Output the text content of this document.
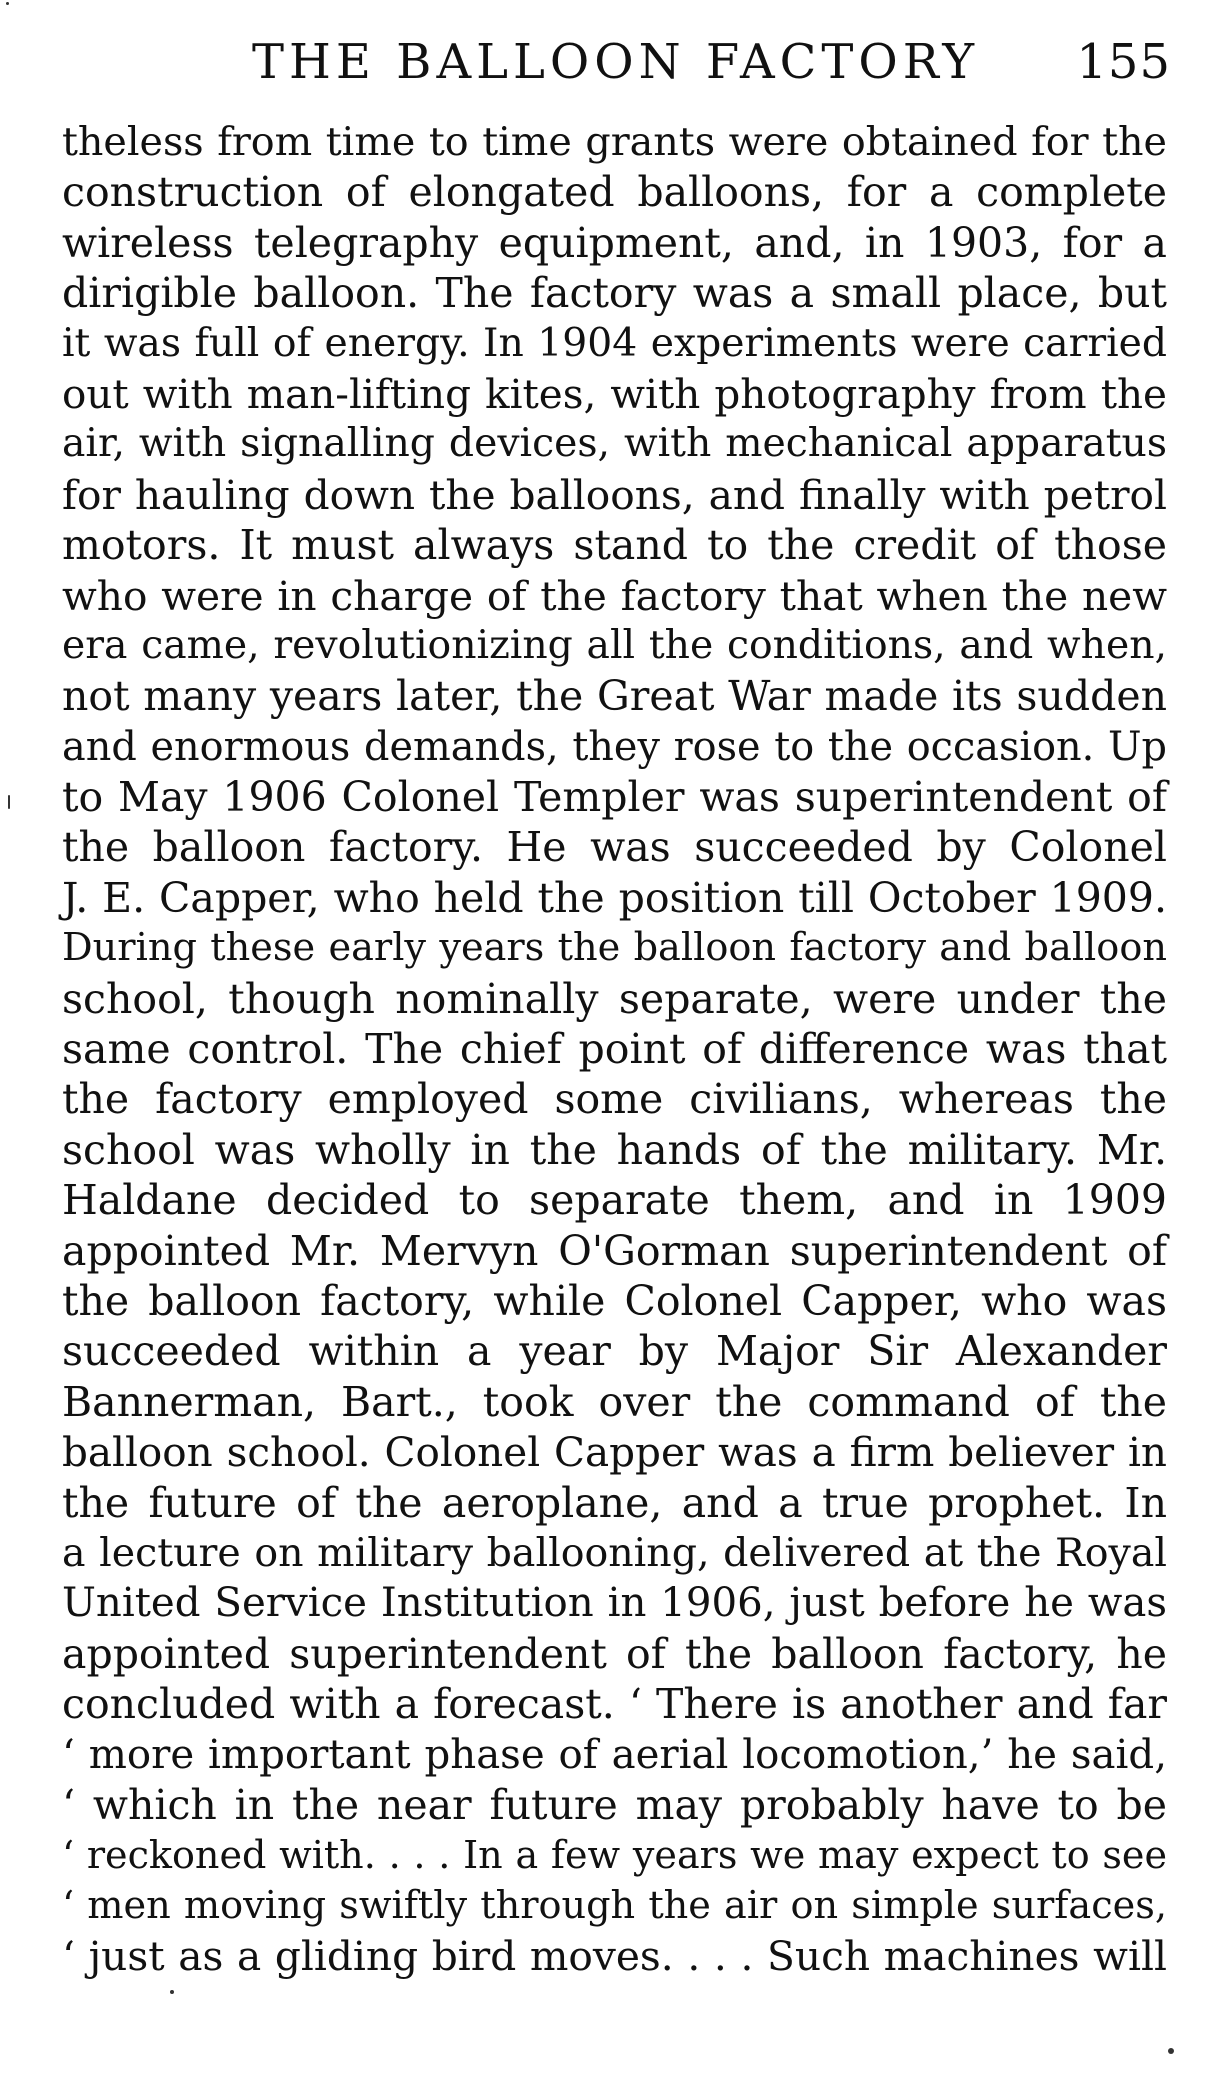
THE BALLOON FACTORY 155
theless from time to time grants were obtained for the
construction of elongated balloons, for a complete
wireless telegraphy equipment, and, in 1903, for a
dirigible balloon. The factory was a small place, but
it was full of energy. In 1904 experiments were carried
out with man-lifting kites, with photography from the
air, with signalling devices, with mechanical apparatus
for hauling down the balloons, and finally with petrol
motors. It must always stand to the credit of those
who were in charge of the factory that when the new
era came, revolutionizing all the conditions, and when,
not many years later, the Great War made its sudden
and enormous demands, they rose to the occasion. Up
to May 1906 Colonel Templer was superintendent of
the balloon factory. He was succeeded by Colonel
J. E. Capper, who held the position till October 1909.
During these early years the balloon factory and balloon
school, though nominally separate, were under the
same control. The chief point of difference was that
the factory employed some civilians, whereas the
school was wholly in the hands of the military. Mr.
Haldane decided to separate them, and in 1909
appointed Mr. Mervyn O'Gorman superintendent of
the balloon factory, while Colonel Capper, who was
succeeded within a year by Major Sir Alexander
Bannerman, Bart., took over the command of the
balloon school. Colonel Capper was a firm believer in
the future of the aeroplane, and a true prophet. In
a lecture on military ballooning, delivered at the Royal
United Service Institution in 1906, just before he was
appointed superintendent of the balloon factory, he
concluded with a forecast. ‘ There is another and far
‘ more important phase of aerial locomotion,’ he said,
‘ which in the near future may probably have to be
‘ reckoned with. . . . In a few years we may expect to see
‘ men moving swiftly through the air on simple surfaces,
‘ just as a gliding bird moves. . . . Such machines will
